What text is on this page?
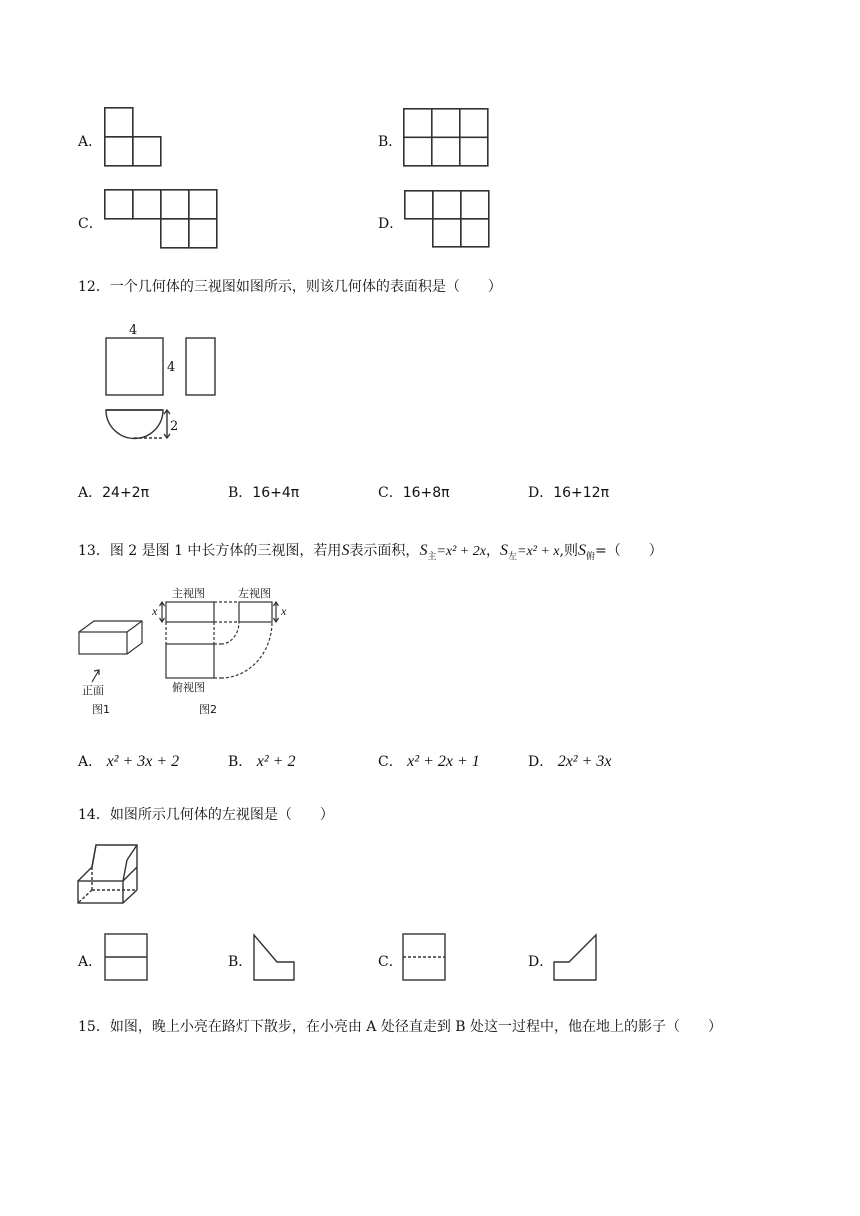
A．	B．
C．	D．
12．一个几何体的三视图如图所示，则该几何体的表面积是（　　）
4
4
2
A．24+2π	B．16+4π	C．16+8π	D．16+12π
13．图 2 是图 1 中长方体的三视图，若用S表示面积，$S_主=x^2 + 2x$，$S_左=x^2 + x$,则$S_俯=$（　　）
主视图	左视图
俯视图
正面
图1	图2
x	x
A． x² + 3x + 2	B． x² + 2	C． x² + 2x + 1	D． 2x² + 3x
14．如图所示几何体的左视图是（　　）
A．	B．	C．	D．
15．如图，晚上小亮在路灯下散步，在小亮由 A 处径直走到 B 处这一过程中，他在地上的影子（　　）
